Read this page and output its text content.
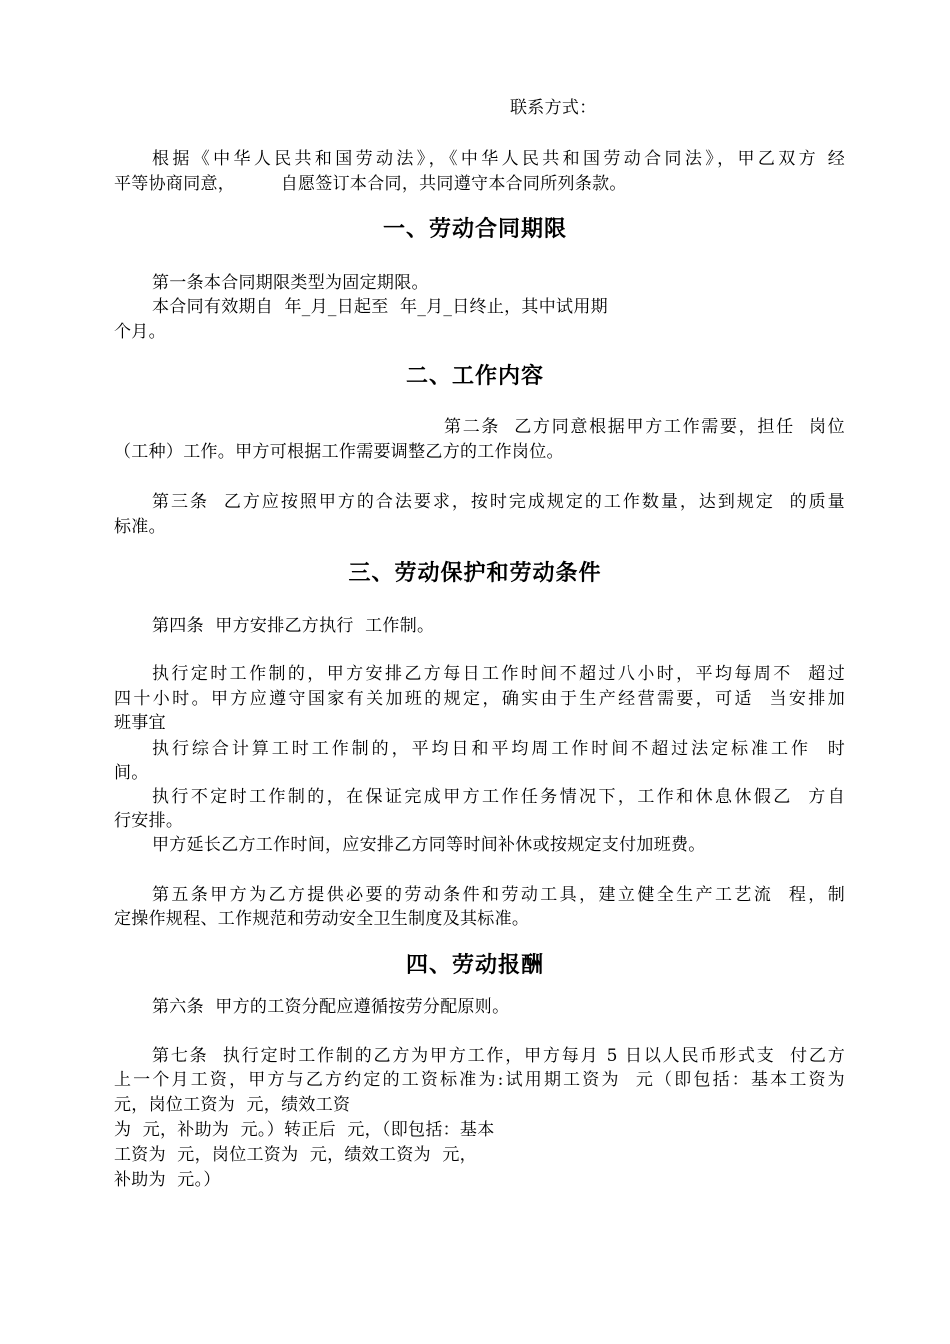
联系方式：
根据《中华人民共和国劳动法》，《中华人民共和国劳动合同法》，甲乙双方 经
平等协商同意，        自愿签订本合同，共同遵守本合同所列条款。
一、劳动合同期限
第一条本合同期限类型为固定期限。
本合同有效期自  年_月_日起至  年_月_日终止，其中试用期
个月。
二、工作内容
第二条  乙方同意根据甲方工作需要，担任  岗位
（工种）工作。甲方可根据工作需要调整乙方的工作岗位。
第三条  乙方应按照甲方的合法要求，按时完成规定的工作数量，达到规定  的质量
标准。
三、劳动保护和劳动条件
第四条  甲方安排乙方执行  工作制。
执行定时工作制的，甲方安排乙方每日工作时间不超过八小时，平均每周不  超过
四十小时。甲方应遵守国家有关加班的规定，确实由于生产经营需要，可适  当安排加
班事宜
执行综合计算工时工作制的，平均日和平均周工作时间不超过法定标准工作  时
间。
执行不定时工作制的，在保证完成甲方工作任务情况下，工作和休息休假乙  方自
行安排。
甲方延长乙方工作时间，应安排乙方同等时间补休或按规定支付加班费。
第五条甲方为乙方提供必要的劳动条件和劳动工具，建立健全生产工艺流  程，制
定操作规程、工作规范和劳动安全卫生制度及其标准。
四、劳动报酬
第六条  甲方的工资分配应遵循按劳分配原则。
第七条  执行定时工作制的乙方为甲方工作，甲方每月 5 日以人民币形式支  付乙方
上一个月工资，甲方与乙方约定的工资标准为:试用期工资为  元（即包括：基本工资为
元，岗位工资为  元，绩效工资
为  元，补助为  元。）转正后  元，（即包括：基本
工资为  元，岗位工资为  元，绩效工资为  元，
补助为  元。）
